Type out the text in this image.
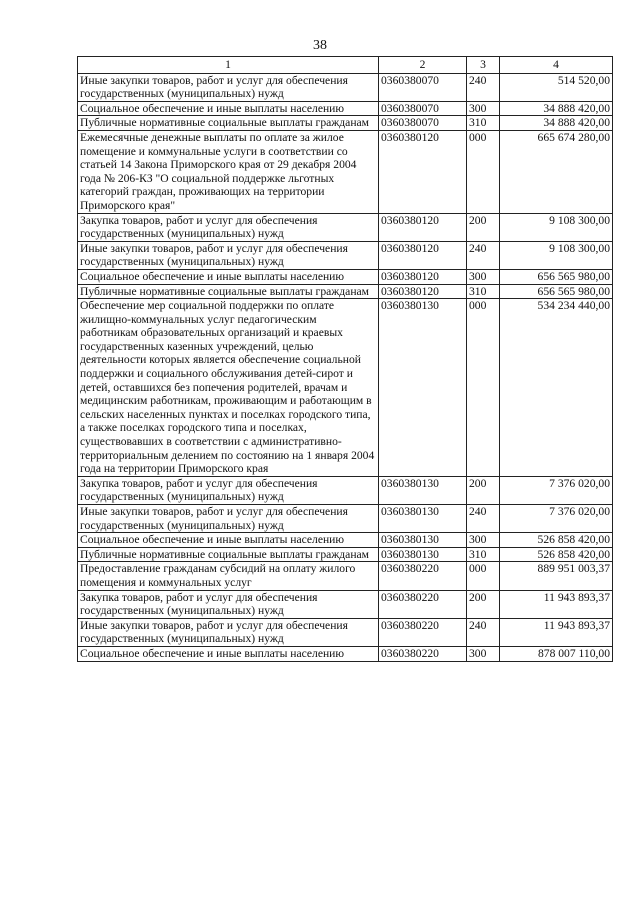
38
1	2	3	4
Иные закупки товаров, работ и услуг для обеспечения государственных (муниципальных) нужд	0360380070	240	514 520,00
Социальное обеспечение и иные выплаты населению	0360380070	300	34 888 420,00
Публичные нормативные социальные выплаты гражданам	0360380070	310	34 888 420,00
Ежемесячные денежные выплаты по оплате за жилое помещение и коммунальные услуги в соответствии со статьей 14 Закона Приморского края от 29 декабря 2004 года № 206-КЗ "О социальной поддержке льготных категорий граждан, проживающих на территории Приморского края"	0360380120	000	665 674 280,00
Закупка товаров, работ и услуг для обеспечения государственных (муниципальных) нужд	0360380120	200	9 108 300,00
Иные закупки товаров, работ и услуг для обеспечения государственных (муниципальных) нужд	0360380120	240	9 108 300,00
Социальное обеспечение и иные выплаты населению	0360380120	300	656 565 980,00
Публичные нормативные социальные выплаты гражданам	0360380120	310	656 565 980,00
Обеспечение мер социальной поддержки по оплате жилищно-коммунальных услуг педагогическим работникам образовательных организаций и краевых государственных казенных учреждений, целью деятельности которых является обеспечение социальной поддержки и социального обслуживания детей-сирот и детей, оставшихся без попечения родителей, врачам и медицинским работникам, проживающим и работающим в сельских населенных пунктах и поселках городского типа, а также поселках городского типа и поселках, существовавших в соответствии с административно-территориальным делением по состоянию на 1 января 2004 года на территории Приморского края	0360380130	000	534 234 440,00
Закупка товаров, работ и услуг для обеспечения государственных (муниципальных) нужд	0360380130	200	7 376 020,00
Иные закупки товаров, работ и услуг для обеспечения государственных (муниципальных) нужд	0360380130	240	7 376 020,00
Социальное обеспечение и иные выплаты населению	0360380130	300	526 858 420,00
Публичные нормативные социальные выплаты гражданам	0360380130	310	526 858 420,00
Предоставление гражданам субсидий на оплату жилого помещения и коммунальных услуг	0360380220	000	889 951 003,37
Закупка товаров, работ и услуг для обеспечения государственных (муниципальных) нужд	0360380220	200	11 943 893,37
Иные закупки товаров, работ и услуг для обеспечения государственных (муниципальных) нужд	0360380220	240	11 943 893,37
Социальное обеспечение и иные выплаты населению	0360380220	300	878 007 110,00
